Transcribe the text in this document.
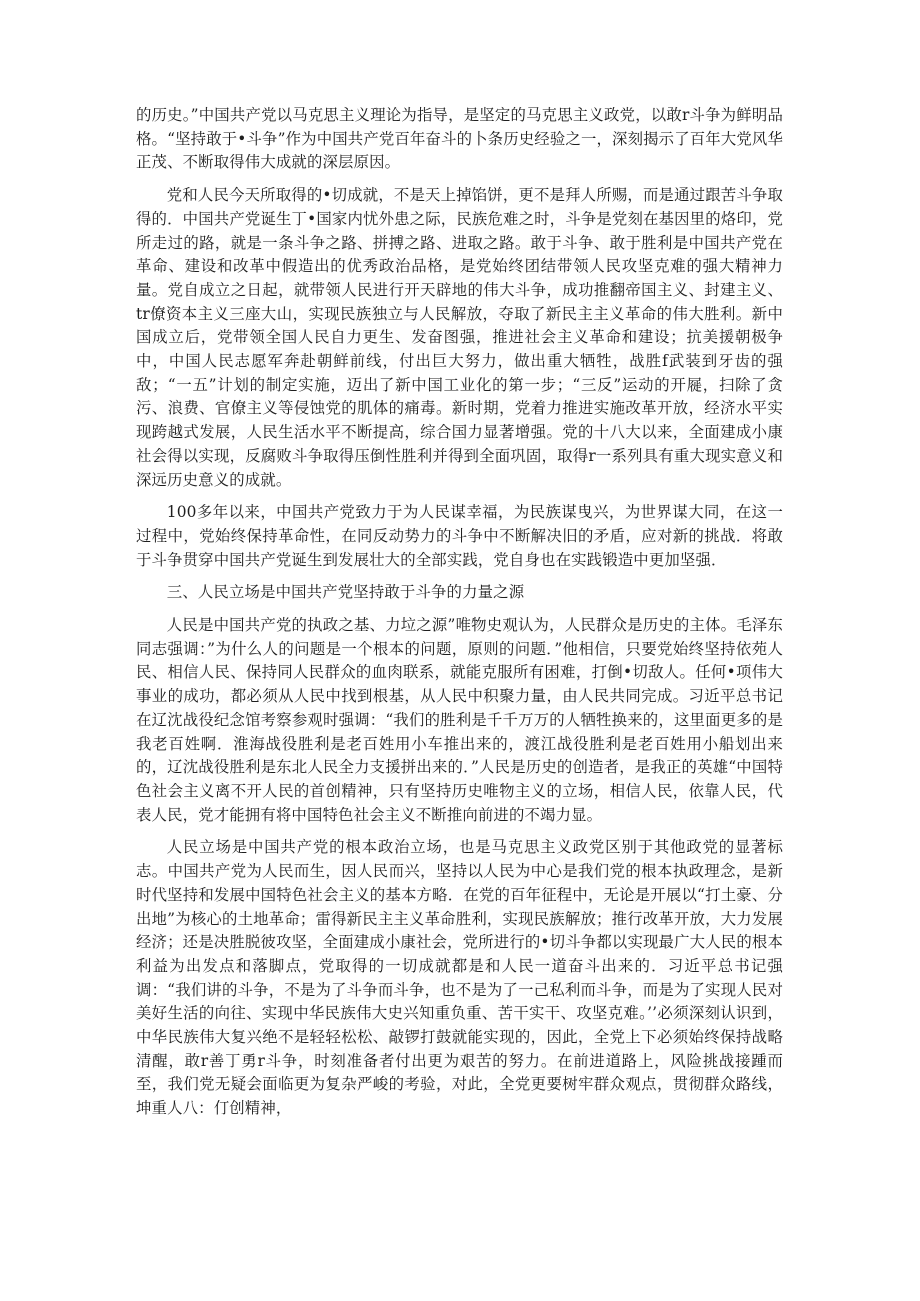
的历史。”中国共产党以马克思主义理论为指导，是坚定的马克思主义政党，以敢r斗争为鲜明品格。“坚持敢于•斗争”作为中国共产党百年奋斗的卜条历史经验之一，深刻揭示了百年大党风华正茂、不断取得伟大成就的深层原因。

党和人民今天所取得的•切成就，不是天上掉馅饼，更不是拜人所赐，而是通过跟苦斗争取得的．中国共产党诞生丁•国家内忧外患之际，民族危难之时，斗争是党刻在基因里的烙印，党所走过的路，就是一条斗争之路、拼搏之路、进取之路。敢于斗争、敢于胜利是中国共产党在革命、建设和改革中假造出的优秀政治品格，是党始终团结带领人民攻坚克难的强大精神力量。党自成立之日起，就带领人民进行开天辟地的伟大斗争，成功推翻帝国主义、封建主义、tr僚资本主义三座大山，实现民族独立与人民解放，夺取了新民主主义革命的伟大胜利。新中国成立后，党带领全国人民自力更生、发奋图强，推进社会主义革命和建设；抗美援朝极争中，中国人民志愿军奔赴朝鲜前线，付出巨大努力，做出重大牺牲，战胜f武装到牙齿的强敌；“一五”计划的制定实施，迈出了新中国工业化的第一步；“三反”运动的开屣，扫除了贪污、浪费、官僚主义等侵蚀党的肌体的痛毒。新时期，党着力推进实施改革开放，经济水平实现跨越式发展，人民生活水平不断提高，综合国力显著增强。党的十八大以来，全面建成小康社会得以实现，反腐败斗争取得压倒性胜利并得到全面巩固，取得r一系列具有重大现实意义和深远历史意义的成就。

100多年以来，中国共产党致力于为人民谋幸福，为民族谋曳兴，为世界谋大同，在这一过程中，党始终保持革命性，在同反动势力的斗争中不断解决旧的矛盾，应对新的挑战．将敢于斗争贯穿中国共产党诞生到发展壮大的全部实践，党自身也在实践锻造中更加坚强．

三、人民立场是中国共产党坚持敢于斗争的力量之源

人民是中国共产党的执政之基、力垃之源”唯物史观认为，人民群众是历史的主体。毛泽东同志强调：”为什么人的问题是一个根本的问题，原则的问题．”他相信，只要党始终坚持依苑人民、相信人民、保持同人民群众的血肉联系，就能克服所有困难，打倒•切敌人。任何•项伟大事业的成功，都必须从人民中找到根基，从人民中积聚力量，由人民共同完成。习近平总书记在辽沈战役纪念馆考察参观时强调：“我们的胜利是千千万万的人牺牲换来的，这里面更多的是我老百姓啊．淮海战役胜利是老百姓用小车推出来的，渡江战役胜利是老百姓用小船划出来的，辽沈战役胜利是东北人民全力支援拼出来的．”人民是历史的创造者，是我正的英雄“中国特色社会主义离不开人民的首创精神，只有坚持历史唯物主义的立场，相信人民，依靠人民，代表人民，党才能拥有将中国特色社会主义不断推向前进的不竭力显。

人民立场是中国共产党的根本政治立场，也是马克思主义政党区别于其他政党的显著标志。中国共产党为人民而生，因人民而兴，坚持以人民为中心是我们党的根本执政理念，是新时代坚持和发展中国特色社会主义的基本方略．在党的百年征程中，无论是开展以“打土豪、分出地”为核心的土地革命；雷得新民主主义革命胜利，实现民族解放；推行改革开放，大力发展经济；还是决胜脱彼攻坚，全面建成小康社会，党所进行的•切斗争都以实现最广大人民的根本利益为出发点和落脚点，党取得的一切成就都是和人民一道奋斗出来的．习近平总书记强调：“我们讲的斗争，不是为了斗争而斗争，也不是为了一己私利而斗争，而是为了实现人民对美好生活的向往、实现中华民族伟大史兴知重负重、苦干实干、攻坚克难。’’必须深刻认识到，中华民族伟大复兴绝不是轻轻松松、敲锣打鼓就能实现的，因此，全党上下必须始终保持战略清醒，敢r善丁勇r斗争，时刻准备者付出更为艰苦的努力。在前进道路上，风险挑战接踵而至，我们党无疑会面临更为复杂严峻的考验，对此，全党更要树牢群众观点，贯彻群众路线，坤重人八：仃创精神，
